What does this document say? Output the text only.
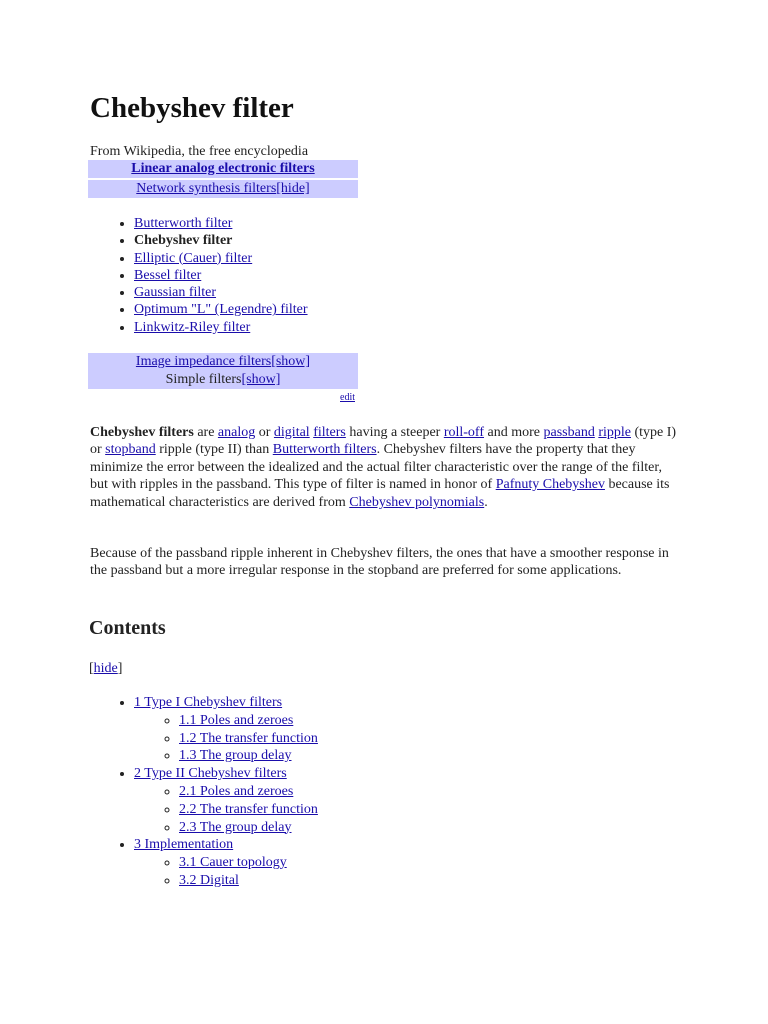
Chebyshev filter
From Wikipedia, the free encyclopedia
Linear analog electronic filters
Network synthesis filters[hide]
• Butterworth filter
• Chebyshev filter
• Elliptic (Cauer) filter
• Bessel filter
• Gaussian filter
• Optimum "L" (Legendre) filter
• Linkwitz-Riley filter
Image impedance filters[show]
Simple filters[show]
edit

Chebyshev filters are analog or digital filters having a steeper roll-off and more passband ripple (type I) or stopband ripple (type II) than Butterworth filters. Chebyshev filters have the property that they minimize the error between the idealized and the actual filter characteristic over the range of the filter, but with ripples in the passband. This type of filter is named in honor of Pafnuty Chebyshev because its mathematical characteristics are derived from Chebyshev polynomials.

Because of the passband ripple inherent in Chebyshev filters, the ones that have a smoother response in the passband but a more irregular response in the stopband are preferred for some applications.

Contents
[hide]
• 1 Type I Chebyshev filters
◦ 1.1 Poles and zeroes
◦ 1.2 The transfer function
◦ 1.3 The group delay
• 2 Type II Chebyshev filters
◦ 2.1 Poles and zeroes
◦ 2.2 The transfer function
◦ 2.3 The group delay
• 3 Implementation
◦ 3.1 Cauer topology
◦ 3.2 Digital
